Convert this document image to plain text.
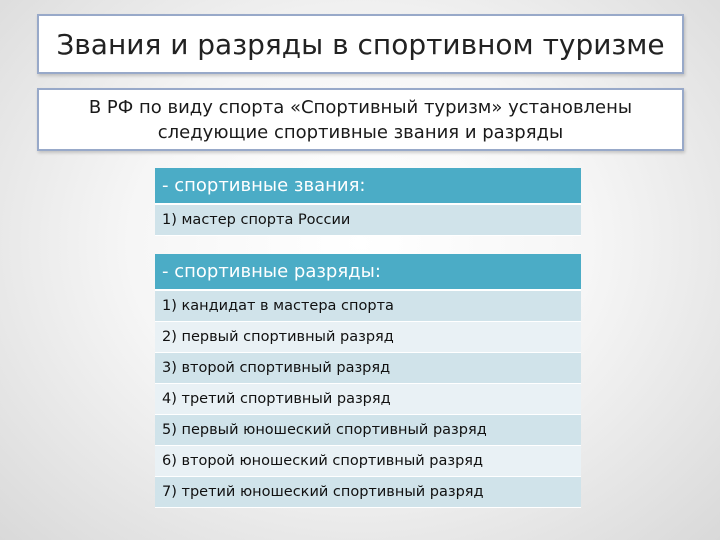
Звания и разряды в спортивном туризме
В РФ по виду спорта «Спортивный туризм» установлены
следующие спортивные звания и разряды
- спортивные звания:
1) мастер спорта России
- спортивные разряды:
1) кандидат в мастера спорта
2) первый спортивный разряд
3) второй спортивный разряд
4) третий спортивный разряд
5) первый юношеский спортивный разряд
6) второй юношеский спортивный разряд
7) третий юношеский спортивный разряд
